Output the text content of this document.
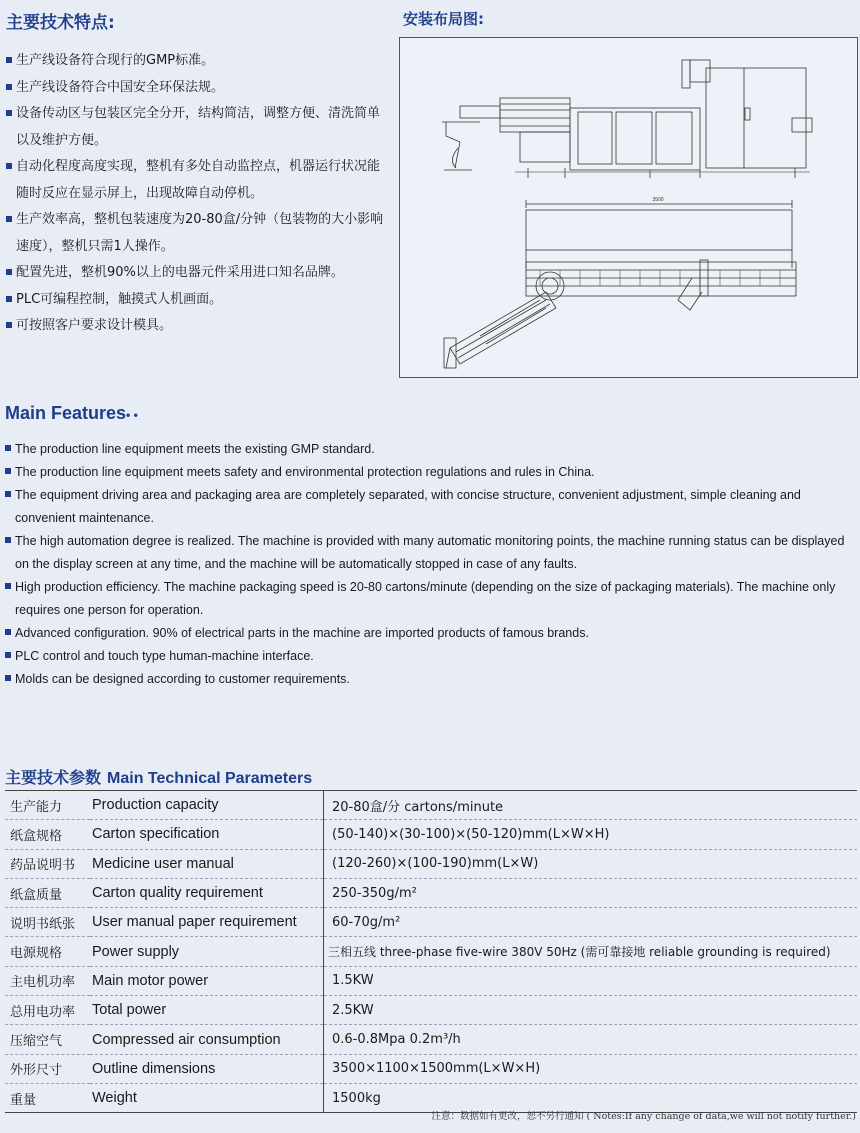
主要技术特点:
生产线设备符合现行的GMP标准。
生产线设备符合中国安全环保法规。
设备传动区与包装区完全分开，结构简洁，调整方便、清洗简单以及维护方便。
自动化程度高度实现，整机有多处自动监控点，机器运行状况能随时反应在显示屏上，出现故障自动停机。
生产效率高，整机包装速度为20-80盒/分钟（包装物的大小影响速度），整机只需1人操作。
配置先进，整机90%以上的电器元件采用进口知名品牌。
PLC可编程控制，触摸式人机画面。
可按照客户要求设计模具。
安装布局图:
3500
Main Features• •
The production line equipment meets the existing GMP standard.
The production line equipment meets safety and environmental protection regulations and rules in China.
The equipment driving area and packaging area are completely separated, with concise structure, convenient adjustment, simple cleaning and convenient maintenance.
The high automation degree is realized. The machine is provided with many automatic monitoring points, the machine running status can be displayed on the display screen at any time, and the machine will be automatically stopped in case of any faults.
High production efficiency. The machine packaging speed is 20-80 cartons/minute (depending on the size of packaging materials). The machine only requires one person for operation.
Advanced configuration. 90% of electrical parts in the machine are imported products of famous brands.
PLC control and touch type human-machine interface.
Molds can be designed according to customer requirements.
主要技术参数 Main Technical Parameters
生产能力	Production capacity	20-80盒/分 cartons/minute
纸盒规格	Carton specification	(50-140)×(30-100)×(50-120)mm(L×W×H)
药品说明书	Medicine user manual	(120-260)×(100-190)mm(L×W)
纸盒质量	Carton quality requirement	250-350g/m²
说明书纸张	User manual paper requirement	60-70g/m²
电源规格	Power supply	三相五线 three-phase five-wire 380V 50Hz (需可靠接地 reliable grounding is required)
主电机功率	Main motor power	1.5KW
总用电功率	Total power	2.5KW
压缩空气	Compressed air consumption	0.6-0.8Mpa 0.2m³/h
外形尺寸	Outline dimensions	3500×1100×1500mm(L×W×H)
重量	Weight	1500kg
注意：数据如有更改，恕不另行通知 ( Notes:If any change of data,we will not notify further.)
